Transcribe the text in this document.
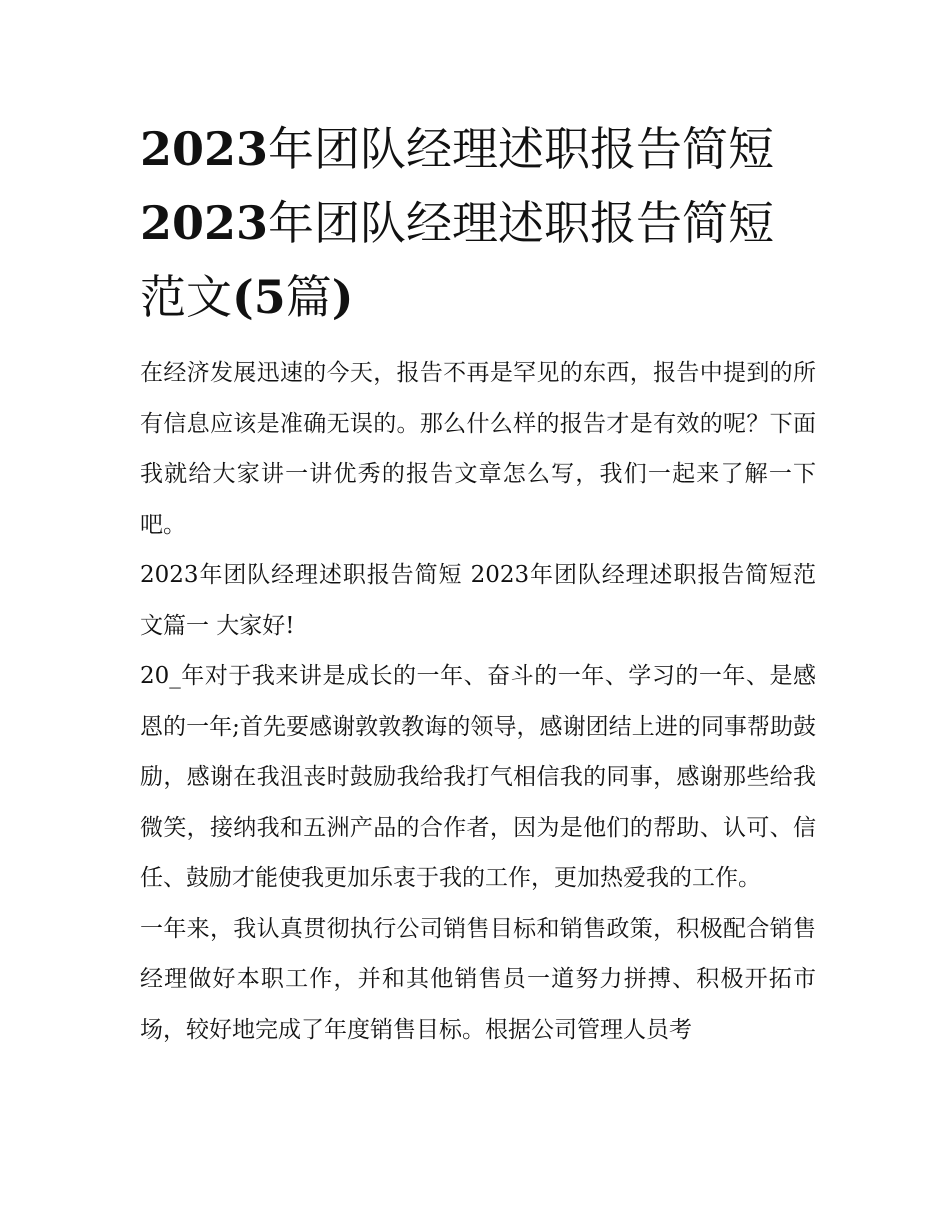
2023年团队经理述职报告简短
2023年团队经理述职报告简短
范文(5篇)

在经济发展迅速的今天，报告不再是罕见的东西，报告中提到的所有信息应该是准确无误的。那么什么样的报告才是有效的呢？下面我就给大家讲一讲优秀的报告文章怎么写，我们一起来了解一下吧。

2023年团队经理述职报告简短 2023年团队经理述职报告简短范文篇一 大家好!

20_年对于我来讲是成长的一年、奋斗的一年、学习的一年、是感恩的一年;首先要感谢敦敦教诲的领导，感谢团结上进的同事帮助鼓励，感谢在我沮丧时鼓励我给我打气相信我的同事，感谢那些给我微笑，接纳我和五洲产品的合作者，因为是他们的帮助、认可、信任、鼓励才能使我更加乐衷于我的工作，更加热爱我的工作。

一年来，我认真贯彻执行公司销售目标和销售政策，积极配合销售经理做好本职工作，并和其他销售员一道努力拼搏、积极开拓市场，较好地完成了年度销售目标。根据公司管理人员考
